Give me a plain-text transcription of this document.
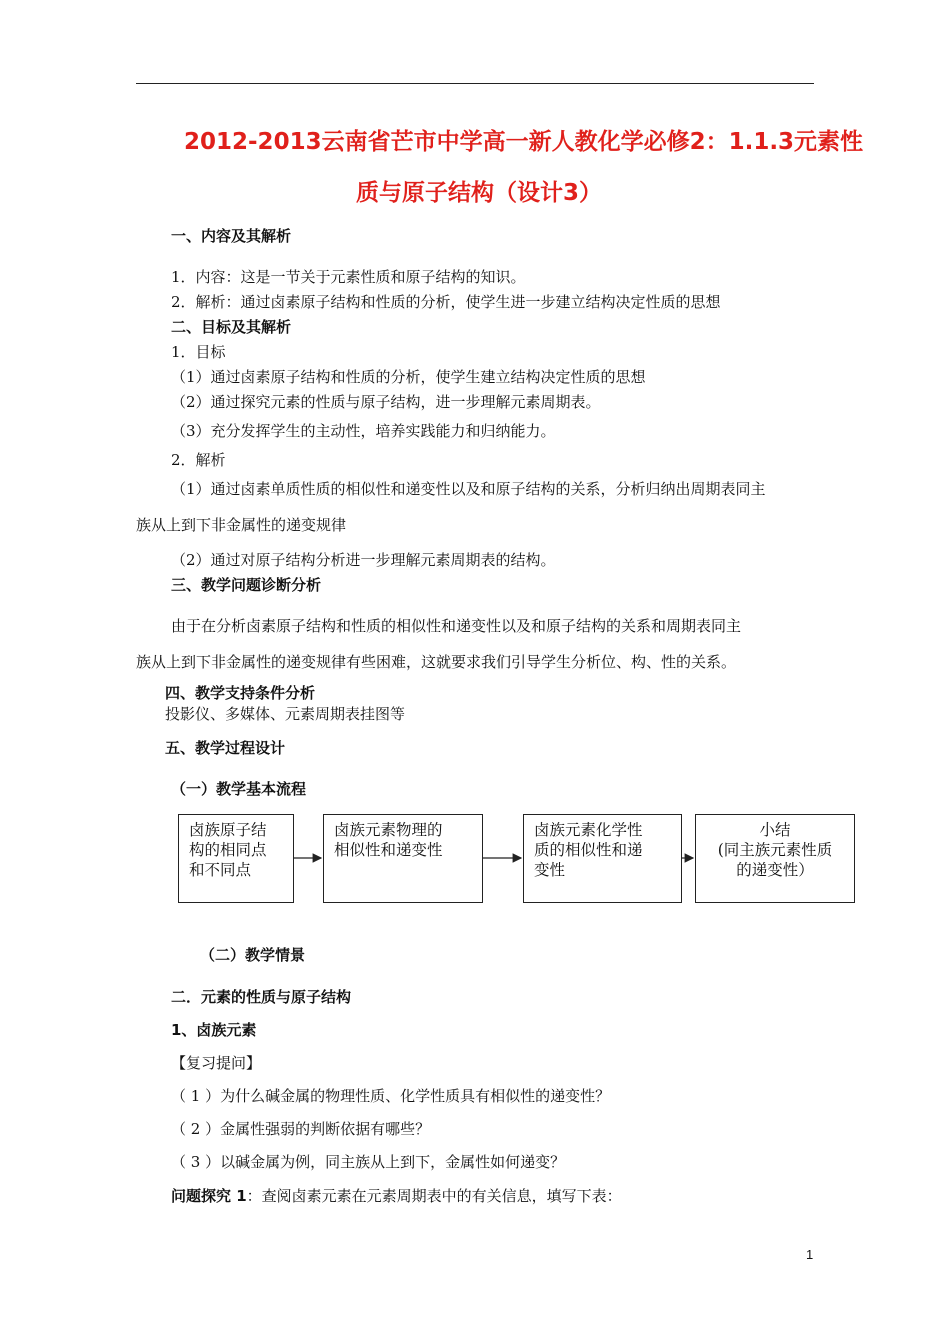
2012-2013云南省芒市中学高一新人教化学必修2：1.1.3元素性
质与原子结构（设计3）
一、内容及其解析
1．内容：这是一节关于元素性质和原子结构的知识。
2．解析：通过卤素原子结构和性质的分析，使学生进一步建立结构决定性质的思想
二、目标及其解析
1．目标
（1）通过卤素原子结构和性质的分析，使学生建立结构决定性质的思想
（2）通过探究元素的性质与原子结构，进一步理解元素周期表。
（3）充分发挥学生的主动性，培养实践能力和归纳能力。
2．解析
（1）通过卤素单质性质的相似性和递变性以及和原子结构的关系，分析归纳出周期表同主
族从上到下非金属性的递变规律
（2）通过对原子结构分析进一步理解元素周期表的结构。
三、教学问题诊断分析
由于在分析卤素原子结构和性质的相似性和递变性以及和原子结构的关系和周期表同主
族从上到下非金属性的递变规律有些困难，这就要求我们引导学生分析位、构、性的关系。
四、教学支持条件分析
投影仪、多媒体、元素周期表挂图等
五、教学过程设计
（一）教学基本流程
卤族原子结
构的相同点
和不同点
卤族元素物理的
相似性和递变性
卤族元素化学性
质的相似性和递
变性
小结
(同主族元素性质
的递变性）
（二）教学情景
二．元素的性质与原子结构
1、卤族元素
【复习提问】
（ 1 ）为什么碱金属的物理性质、化学性质具有相似性的递变性？
（ 2 ）金属性强弱的判断依据有哪些？
（ 3 ）以碱金属为例，同主族从上到下，金属性如何递变？
问题探究 1：查阅卤素元素在元素周期表中的有关信息，填写下表：
1
